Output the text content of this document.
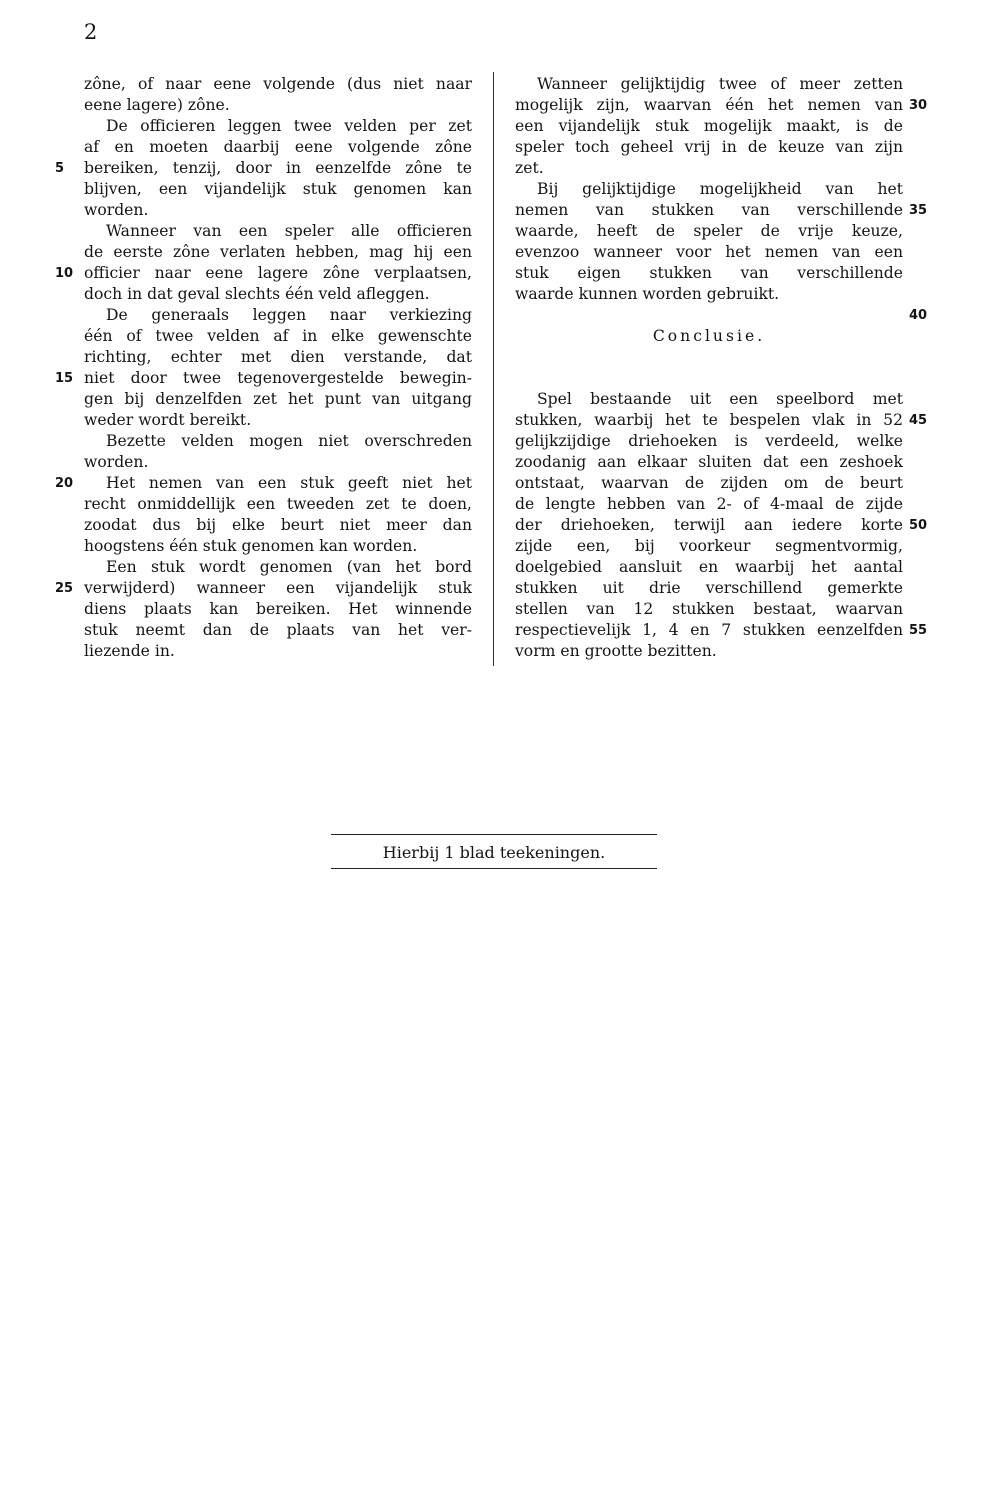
2
zône, of naar eene volgende (dus niet naar
eene lagere) zône.
De officieren leggen twee velden per zet
af en moeten daarbij eene volgende zône
bereiken, tenzij, door in eenzelfde zône te
blijven, een vijandelijk stuk genomen kan
worden.
Wanneer van een speler alle officieren
de eerste zône verlaten hebben, mag hij een
officier naar eene lagere zône verplaatsen,
doch in dat geval slechts één veld afleggen.
De generaals leggen naar verkiezing
één of twee velden af in elke gewenschte
richting, echter met dien verstande, dat
niet door twee tegenovergestelde bewegin-
gen bij denzelfden zet het punt van uitgang
weder wordt bereikt.
Bezette velden mogen niet overschreden
worden.
Het nemen van een stuk geeft niet het
recht onmiddellijk een tweeden zet te doen,
zoodat dus bij elke beurt niet meer dan
hoogstens één stuk genomen kan worden.
Een stuk wordt genomen (van het bord
verwijderd) wanneer een vijandelijk stuk
diens plaats kan bereiken. Het winnende
stuk neemt dan de plaats van het ver-
liezende in.
Wanneer gelijktijdig twee of meer zetten
mogelijk zijn, waarvan één het nemen van
een vijandelijk stuk mogelijk maakt, is de
speler toch geheel vrij in de keuze van zijn
zet.
Bij gelijktijdige mogelijkheid van het
nemen van stukken van verschillende
waarde, heeft de speler de vrije keuze,
evenzoo wanneer voor het nemen van een
stuk eigen stukken van verschillende
waarde kunnen worden gebruikt.
Conclusie.
Spel bestaande uit een speelbord met
stukken, waarbij het te bespelen vlak in 52
gelijkzijdige driehoeken is verdeeld, welke
zoodanig aan elkaar sluiten dat een zeshoek
ontstaat, waarvan de zijden om de beurt
de lengte hebben van 2- of 4-maal de zijde
der driehoeken, terwijl aan iedere korte
zijde een, bij voorkeur segmentvormig,
doelgebied aansluit en waarbij het aantal
stukken uit drie verschillend gemerkte
stellen van 12 stukken bestaat, waarvan
respectievelijk 1, 4 en 7 stukken eenzelfden
vorm en grootte bezitten.
5
10
15
20
25
30
35
40
45
50
55
Hierbij 1 blad teekeningen.
